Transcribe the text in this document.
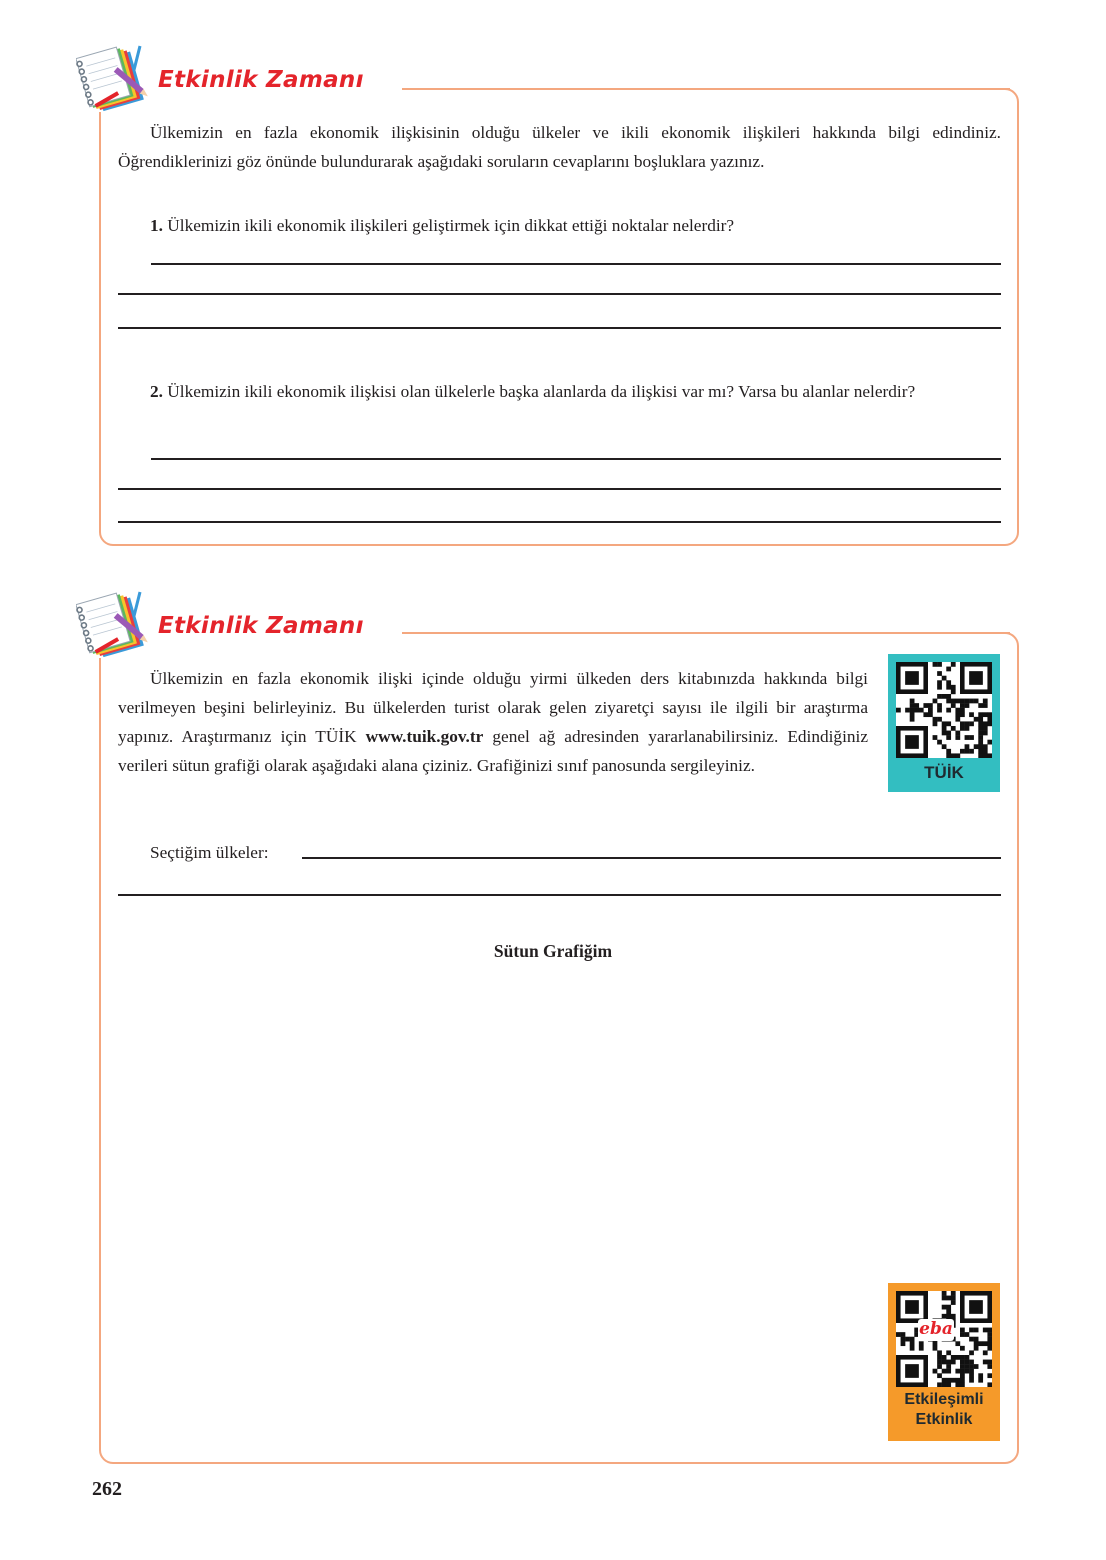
Etkinlik Zamanı

Ülkemizin en fazla ekonomik ilişkisinin olduğu ülkeler ve ikili ekonomik ilişkileri hakkında bilgi edindiniz. Öğrendiklerinizi göz önünde bulundurarak aşağıdaki soruların cevaplarını boşluklara yazınız.

1. Ülkemizin ikili ekonomik ilişkileri geliştirmek için dikkat ettiği noktalar nelerdir?

2. Ülkemizin ikili ekonomik ilişkisi olan ülkelerle başka alanlarda da ilişkisi var mı? Varsa bu alanlar nelerdir?

Etkinlik Zamanı

Ülkemizin en fazla ekonomik ilişki içinde olduğu yirmi ülkeden ders kitabınızda hakkında bilgi verilmeyen beşini belirleyiniz. Bu ülkelerden turist olarak gelen ziyaretçi sayısı ile ilgili bir araştırma yapınız. Araştırmanız için TÜİK www.tuik.gov.tr genel ağ adresinden yararlanabilirsiniz. Edindiğiniz verileri sütun grafiği olarak aşağıdaki alana çiziniz. Grafiğinizi sınıf panosunda sergileyiniz.	TÜİK
Seçtiğim ülkeler:
Sütun Grafiğim
eba
Etkileşimli
Etkinlik
262
